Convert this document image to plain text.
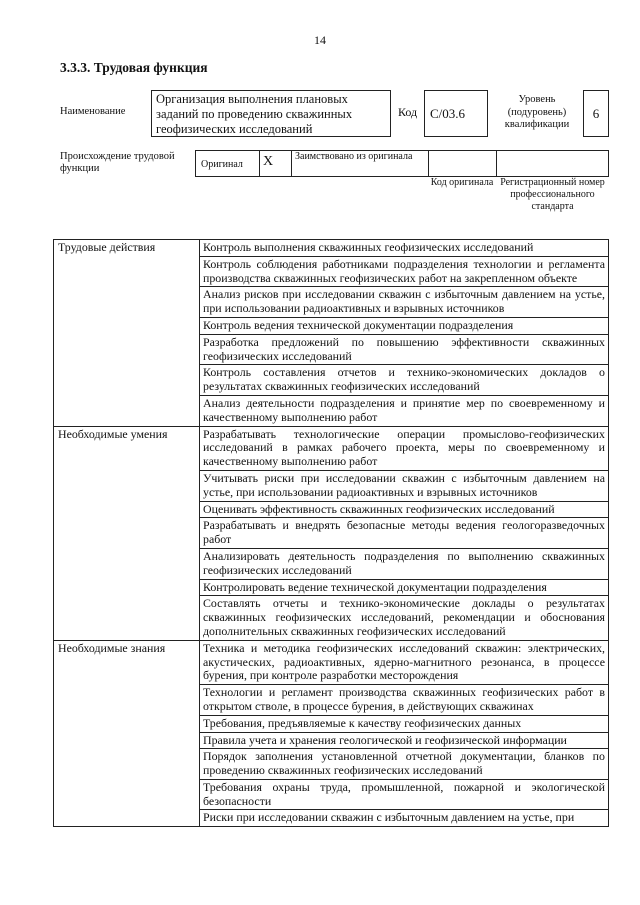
14
3.3.3. Трудовая функция
Наименование
Организация выполнения плановых заданий по проведению скважинных геофизических исследований
Код С/03.6
Уровень (подуровень) квалификации
6
Происхождение трудовой функции	Оригинал X Заимствовано из оригинала
Код оригинала Регистрационный номер профессионального стандарта
Трудовые действия	Контроль выполнения скважинных геофизических исследований
	Контроль соблюдения работниками подразделения технологии и регламента производства скважинных геофизических работ на закрепленном объекте
	Анализ рисков при исследовании скважин с избыточным давлением на устье, при использовании радиоактивных и взрывных источников
	Контроль ведения технической документации подразделения
	Разработка предложений по повышению эффективности скважинных геофизических исследований
	Контроль составления отчетов и технико-экономических докладов о результатах скважинных геофизических исследований
	Анализ деятельности подразделения и принятие мер по своевременному и качественному выполнению работ
Необходимые умения	Разрабатывать технологические операции промыслово-геофизических исследований в рамках рабочего проекта, меры по своевременному и качественному выполнению работ
	Учитывать риски при исследовании скважин с избыточным давлением на устье, при использовании радиоактивных и взрывных источников
	Оценивать эффективность скважинных геофизических исследований
	Разрабатывать и внедрять безопасные методы ведения геологоразведочных работ
	Анализировать деятельность подразделения по выполнению скважинных геофизических исследований
	Контролировать ведение технической документации подразделения
	Составлять отчеты и технико-экономические доклады о результатах скважинных геофизических исследований, рекомендации и обоснования дополнительных скважинных геофизических исследований
Необходимые знания	Техника и методика геофизических исследований скважин: электрических, акустических, радиоактивных, ядерно-магнитного резонанса, в процессе бурения, при контроле разработки месторождения
	Технологии и регламент производства скважинных геофизических работ в открытом стволе, в процессе бурения, в действующих скважинах
	Требования, предъявляемые к качеству геофизических данных
	Правила учета и хранения геологической и геофизической информации
	Порядок заполнения установленной отчетной документации, бланков по проведению скважинных геофизических исследований
	Требования охраны труда, промышленной, пожарной и экологической безопасности
	Риски при исследовании скважин с избыточным давлением на устье, при
